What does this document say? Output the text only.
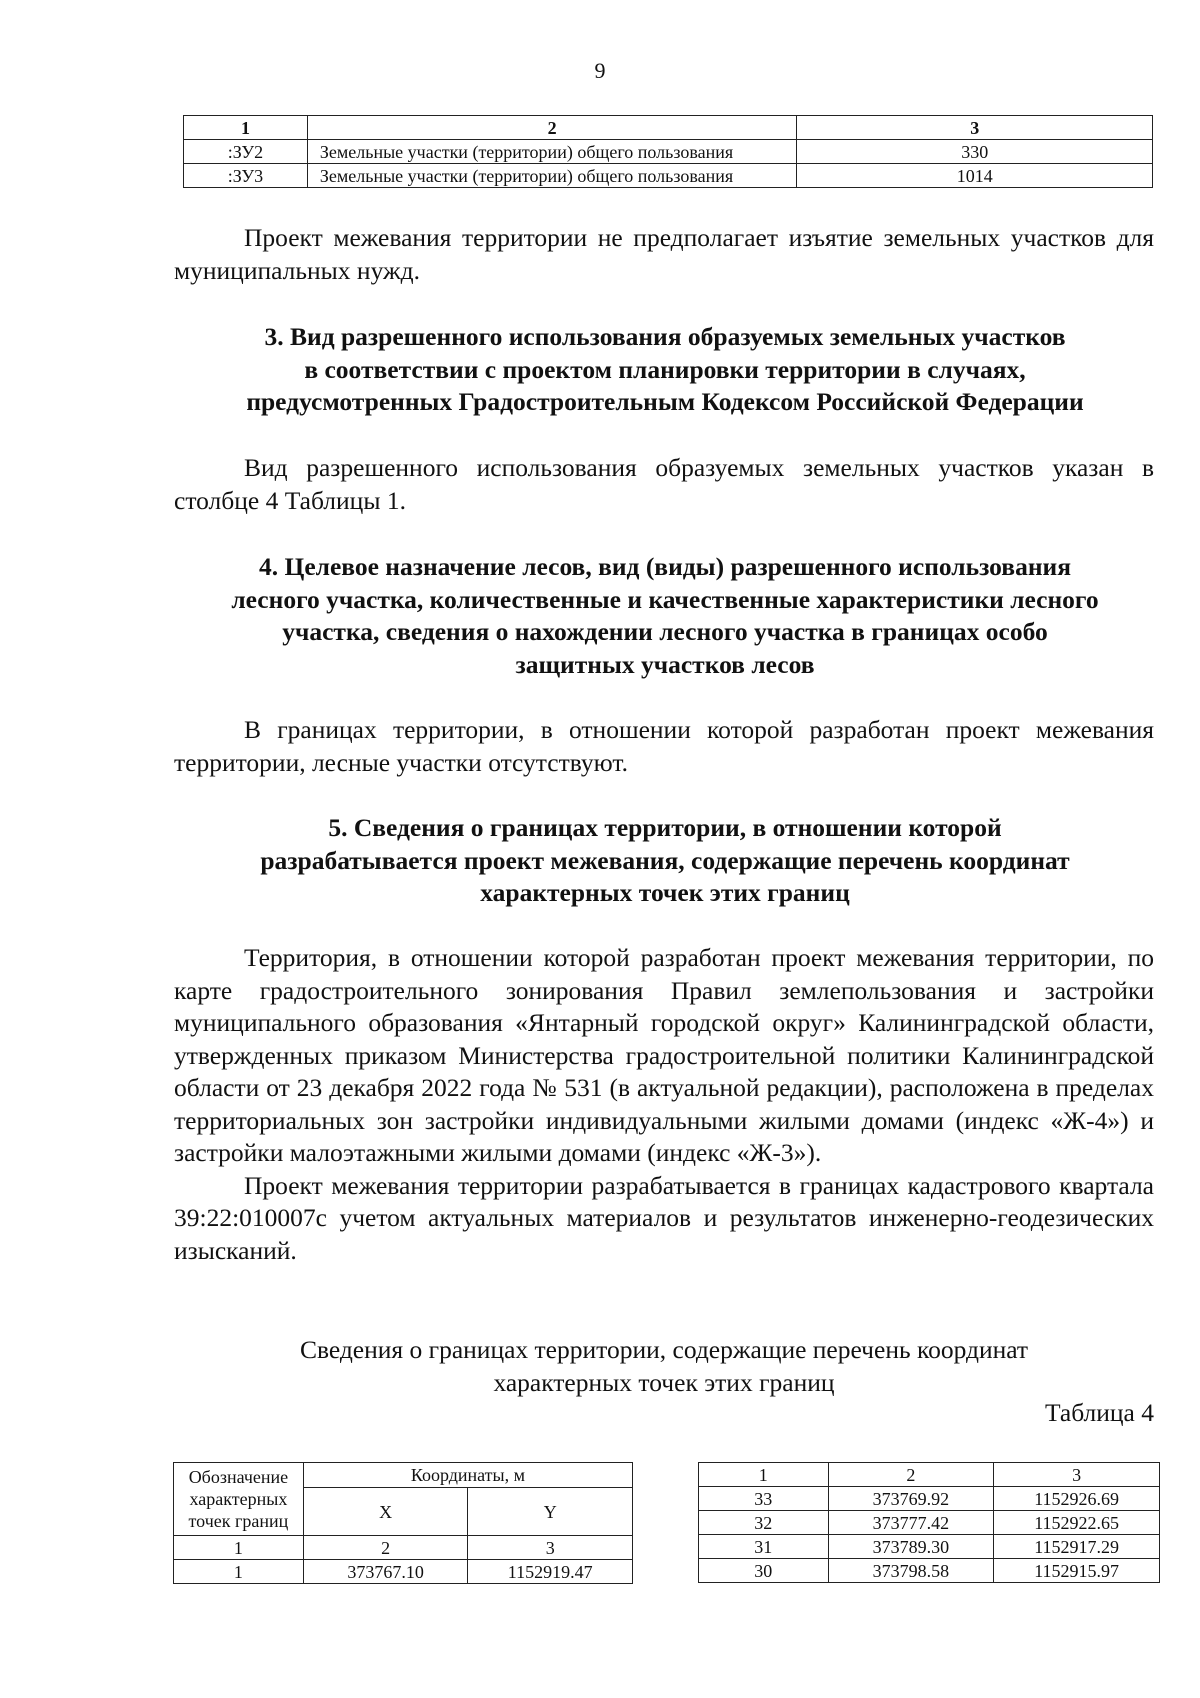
9
1	2	3
:ЗУ2	Земельные участки (территории) общего пользования	330
:ЗУ3	Земельные участки (территории) общего пользования	1014

Проект межевания территории не предполагает изъятие земельных участков для муниципальных нужд.

3. Вид разрешенного использования образуемых земельных участков
в соответствии с проектом планировки территории в случаях,
предусмотренных Градостроительным Кодексом Российской Федерации

Вид разрешенного использования образуемых земельных участков указан в столбце 4 Таблицы 1.

4. Целевое назначение лесов, вид (виды) разрешенного использования
лесного участка, количественные и качественные характеристики лесного
участка, сведения о нахождении лесного участка в границах особо
защитных участков лесов

В границах территории, в отношении которой разработан проект межевания территории, лесные участки отсутствуют.

5. Сведения о границах территории, в отношении которой
разрабатывается проект межевания, содержащие перечень координат
характерных точек этих границ

Территория, в отношении которой разработан проект межевания территории, по карте градостроительного зонирования Правил землепользования и застройки муниципального образования «Янтарный городской округ» Калининградской области, утвержденных приказом Министерства градостроительной политики Калининградской области от 23 декабря 2022 года № 531 (в актуальной редакции), расположена в пределах территориальных зон застройки индивидуальными жилыми домами (индекс «Ж-4») и застройки малоэтажными жилыми домами (индекс «Ж-3»).

Проект межевания территории разрабатывается в границах кадастрового квартала 39:22:010007с учетом актуальных материалов и результатов инженерно-геодезических изысканий.

Сведения о границах территории, содержащие перечень координат
характерных точек этих границ
Таблица 4
Обозначение характерных точек границ	Координаты, м	
	X	Y
1	2	3
1	373767.10	1152919.47
1	2	3
33	373769.92	1152926.69
32	373777.42	1152922.65
31	373789.30	1152917.29
30	373798.58	1152915.97
